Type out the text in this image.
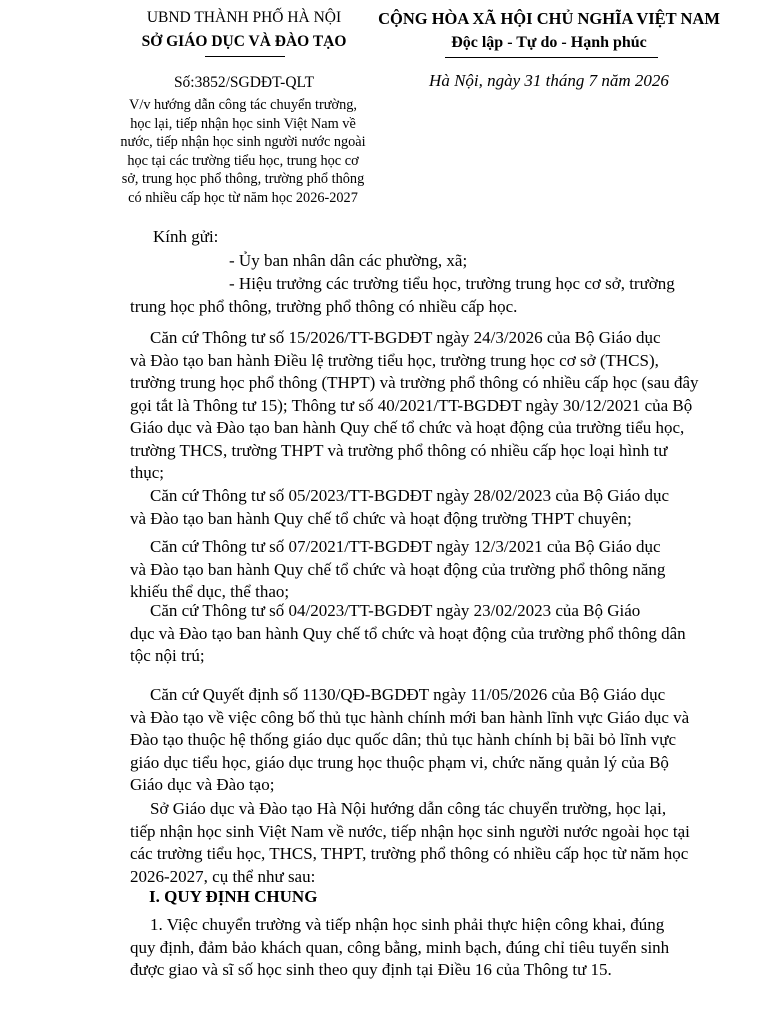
UBND THÀNH PHỐ HÀ NỘI
SỞ GIÁO DỤC VÀ ĐÀO TẠO
Số:3852/SGDĐT-QLT
V/v hướng dẫn công tác chuyển trường,
học lại, tiếp nhận học sinh Việt Nam về
nước, tiếp nhận học sinh người nước ngoài
học tại các trường tiểu học, trung học cơ
sở, trung học phổ thông, trường phổ thông
có nhiều cấp học từ năm học 2026-2027
CỘNG HÒA XÃ HỘI CHỦ NGHĨA VIỆT NAM
Độc lập - Tự do - Hạnh phúc
Hà Nội, ngày 31 tháng 7 năm 2026
Kính gửi:
- Ủy ban nhân dân các phường, xã;
- Hiệu trưởng các trường tiểu học, trường trung học cơ sở, trường
trung học phổ thông, trường phổ thông có nhiều cấp học.
Căn cứ Thông tư số 15/2026/TT-BGDĐT ngày 24/3/2026 của Bộ Giáo dục
và Đào tạo ban hành Điều lệ trường tiểu học, trường trung học cơ sở (THCS),
trường trung học phổ thông (THPT) và trường phổ thông có nhiều cấp học (sau đây
gọi tắt là Thông tư 15); Thông tư số 40/2021/TT-BGDĐT ngày 30/12/2021 của Bộ
Giáo dục và Đào tạo ban hành Quy chế tổ chức và hoạt động của trường tiểu học,
trường THCS, trường THPT và trường phổ thông có nhiều cấp học loại hình tư
thục;
Căn cứ Thông tư số 05/2023/TT-BGDĐT ngày 28/02/2023 của Bộ Giáo dục
và Đào tạo ban hành Quy chế tổ chức và hoạt động trường THPT chuyên;
Căn cứ Thông tư số 07/2021/TT-BGDĐT ngày 12/3/2021 của Bộ Giáo dục
và Đào tạo ban hành Quy chế tổ chức và hoạt động của trường phổ thông năng
khiếu thể dục, thể thao;
Căn cứ Thông tư số 04/2023/TT-BGDĐT ngày 23/02/2023 của Bộ Giáo
dục và Đào tạo ban hành Quy chế tổ chức và hoạt động của trường phổ thông dân
tộc nội trú;
Căn cứ Quyết định số 1130/QĐ-BGDĐT ngày 11/05/2026 của Bộ Giáo dục
và Đào tạo về việc công bố thủ tục hành chính mới ban hành lĩnh vực Giáo dục và
Đào tạo thuộc hệ thống giáo dục quốc dân; thủ tục hành chính bị bãi bỏ lĩnh vực
giáo dục tiểu học, giáo dục trung học thuộc phạm vi, chức năng quản lý của Bộ
Giáo dục và Đào tạo;
Sở Giáo dục và Đào tạo Hà Nội hướng dẫn công tác chuyển trường, học lại,
tiếp nhận học sinh Việt Nam về nước, tiếp nhận học sinh người nước ngoài học tại
các trường tiểu học, THCS, THPT, trường phổ thông có nhiều cấp học từ năm học
2026-2027, cụ thể như sau:
I. QUY ĐỊNH CHUNG
1. Việc chuyển trường và tiếp nhận học sinh phải thực hiện công khai, đúng
quy định, đảm bảo khách quan, công bằng, minh bạch, đúng chỉ tiêu tuyển sinh
được giao và sĩ số học sinh theo quy định tại Điều 16 của Thông tư 15.
